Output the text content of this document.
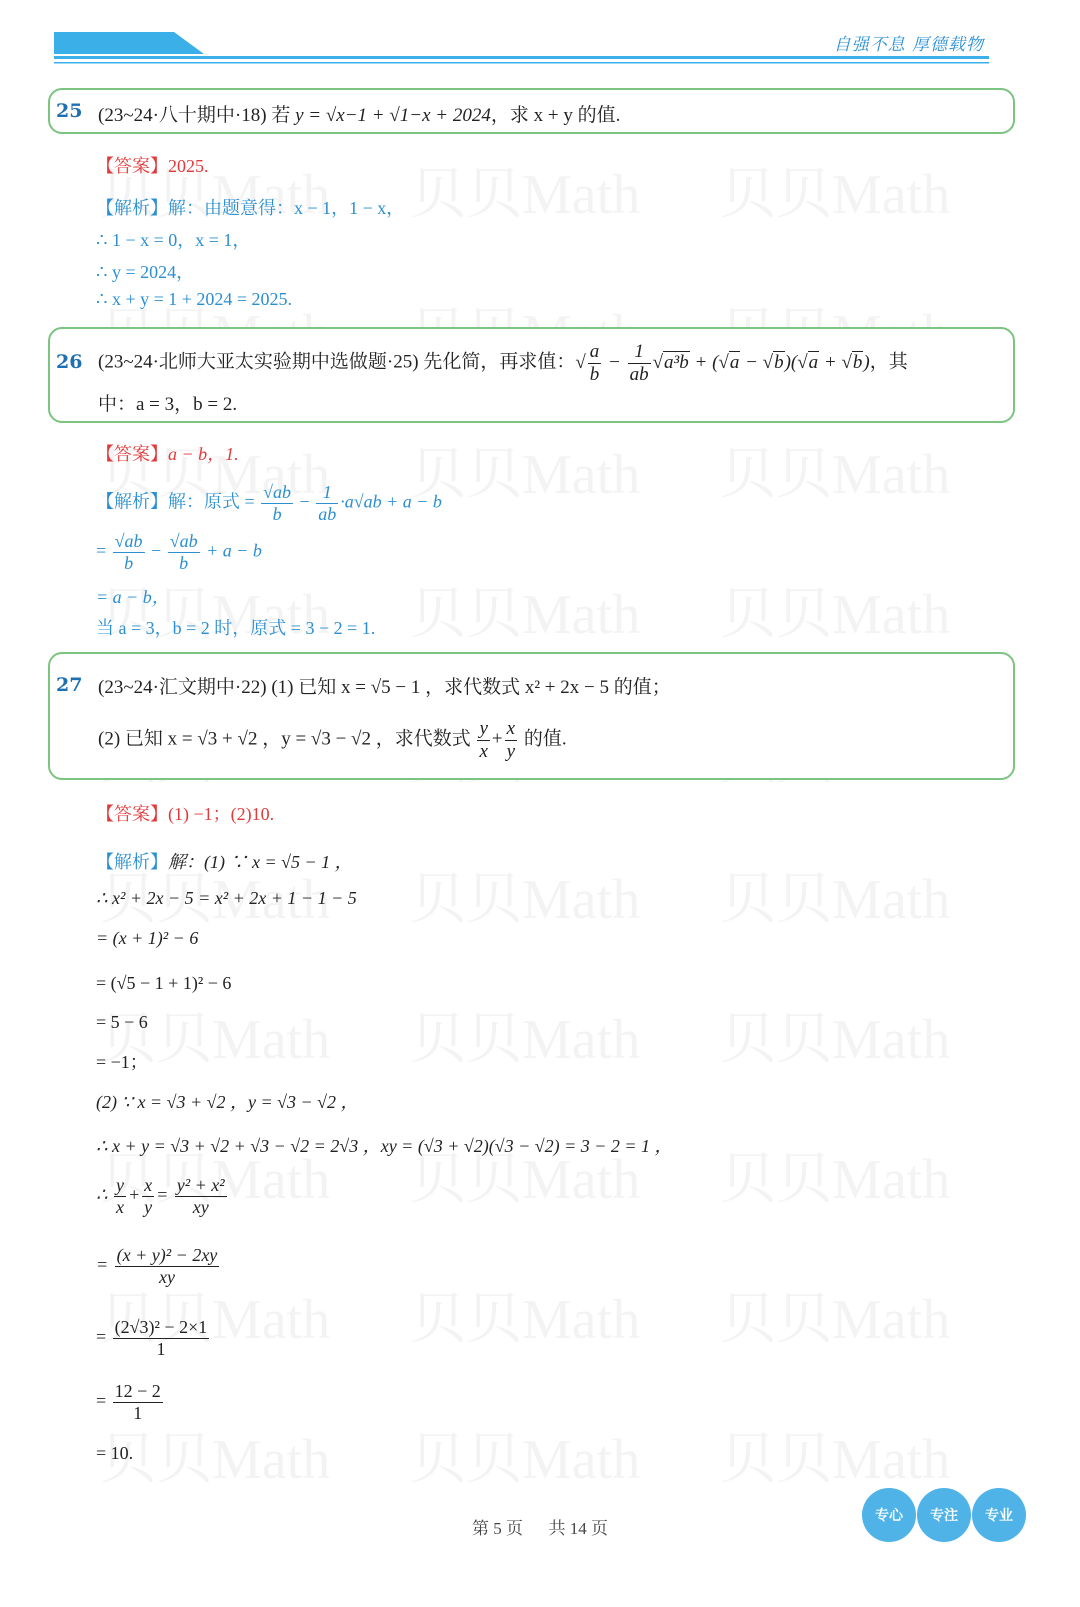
自强不息 厚德载物
25 (23~24·八十期中·18) 若 y = √x−1 + √1−x + 2024，求 x + y 的值.
【答案】2025.
【解析】解：由题意得：x − 1，1 − x，
∴ 1 − x = 0，x = 1，
∴ y = 2024，
∴ x + y = 1 + 2024 = 2025.
26 (23~24·北师大亚太实验期中选做题·25) 先化简，再求值：√ $\frac{a}{b} - \frac{1}{ab} √a^3b + (√a - √b)(√a + √b)$，其
中：a = 3，b = 2.
【答案】a − b，1.
【解析】解：原式 = $\frac{√ab}{b} - \frac{1}{ab} \cdot a√ab + a - b$
= $\frac{√ab}{b} - \frac{√ab}{b} + a - b$
= a − b，
当 a = 3，b = 2 时，原式 = 3 − 2 = 1.
27 (23~24·汇文期中·22) (1) 已知 x = √5 − 1 ，求代数式 x² + 2x − 5 的值；
(2) 已知 x = √3 + √2 ，y = √3 − √2 ，求代数式 $\frac{y}{x} + \frac{x}{y}$ 的值.
【答案】(1) −1；(2)10.
【解析】解：(1) ∵ x = √5 − 1 ，
∴ x² + 2x − 5 = x² + 2x + 1 − 1 − 5
= (x + 1)² − 6
= (√5 − 1 + 1)² − 6
= 5 − 6
= −1；
(2) ∵ x = √3 + √2 ，y = √3 − √2 ，
∴ x + y = √3 + √2 + √3 − √2 = 2√3 ，xy = (√3 + √2)(√3 − √2) = 3 − 2 = 1 ，
∴ $\frac{y}{x} + \frac{x}{y} = \frac{\text{y² + x²}}{xy}$
= $\frac{\text{(x + y)² − 2xy}}{xy}$
= $\frac{\text{(2√3)² − 2×1}}{1}$
= $\frac{12 - 2}{1}$
= 10.
第 5 页 共 14 页
专心	专注	专业
